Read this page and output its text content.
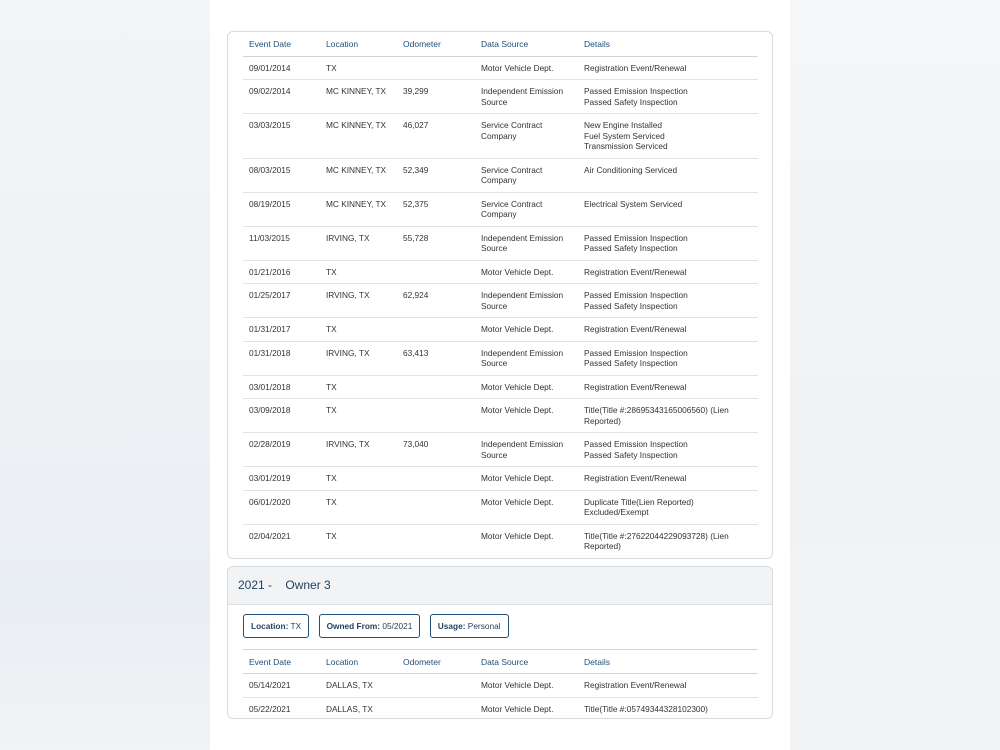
Event Date	Location	Odometer	Data Source	Details
09/01/2014	TX		Motor Vehicle Dept.	Registration Event/Renewal

09/02/2014	MC KINNEY, TX	39,299	Independent Emission Source	Passed Emission Inspection
Passed Safety Inspection

03/03/2015	MC KINNEY, TX	46,027	Service Contract Company	New Engine Installed
Fuel System Serviced
Transmission Serviced

08/03/2015	MC KINNEY, TX	52,349	Service Contract Company	Air Conditioning Serviced

08/19/2015	MC KINNEY, TX	52,375	Service Contract Company	Electrical System Serviced

11/03/2015	IRVING, TX	55,728	Independent Emission Source	Passed Emission Inspection
Passed Safety Inspection

01/21/2016	TX		Motor Vehicle Dept.	Registration Event/Renewal

01/25/2017	IRVING, TX	62,924	Independent Emission Source	Passed Emission Inspection
Passed Safety Inspection

01/31/2017	TX		Motor Vehicle Dept.	Registration Event/Renewal

01/31/2018	IRVING, TX	63,413	Independent Emission Source	Passed Emission Inspection
Passed Safety Inspection

03/01/2018	TX		Motor Vehicle Dept.	Registration Event/Renewal

03/09/2018	TX		Motor Vehicle Dept.	Title(Title #:28695343165006560) (Lien Reported)

02/28/2019	IRVING, TX	73,040	Independent Emission Source	Passed Emission Inspection
Passed Safety Inspection

03/01/2019	TX		Motor Vehicle Dept.	Registration Event/Renewal

06/01/2020	TX		Motor Vehicle Dept.	Duplicate Title(Lien Reported)
Excluded/Exempt

02/04/2021	TX		Motor Vehicle Dept.	Title(Title #:27622044229093728) (Lien Reported)
2021 - Owner 3
Location: TX	Owned From: 05/2021	Usage: Personal
Event Date	Location	Odometer	Data Source	Details
05/14/2021	DALLAS, TX		Motor Vehicle Dept.	Registration Event/Renewal

05/22/2021	DALLAS, TX		Motor Vehicle Dept.	Title(Title #:05749344328102300)
